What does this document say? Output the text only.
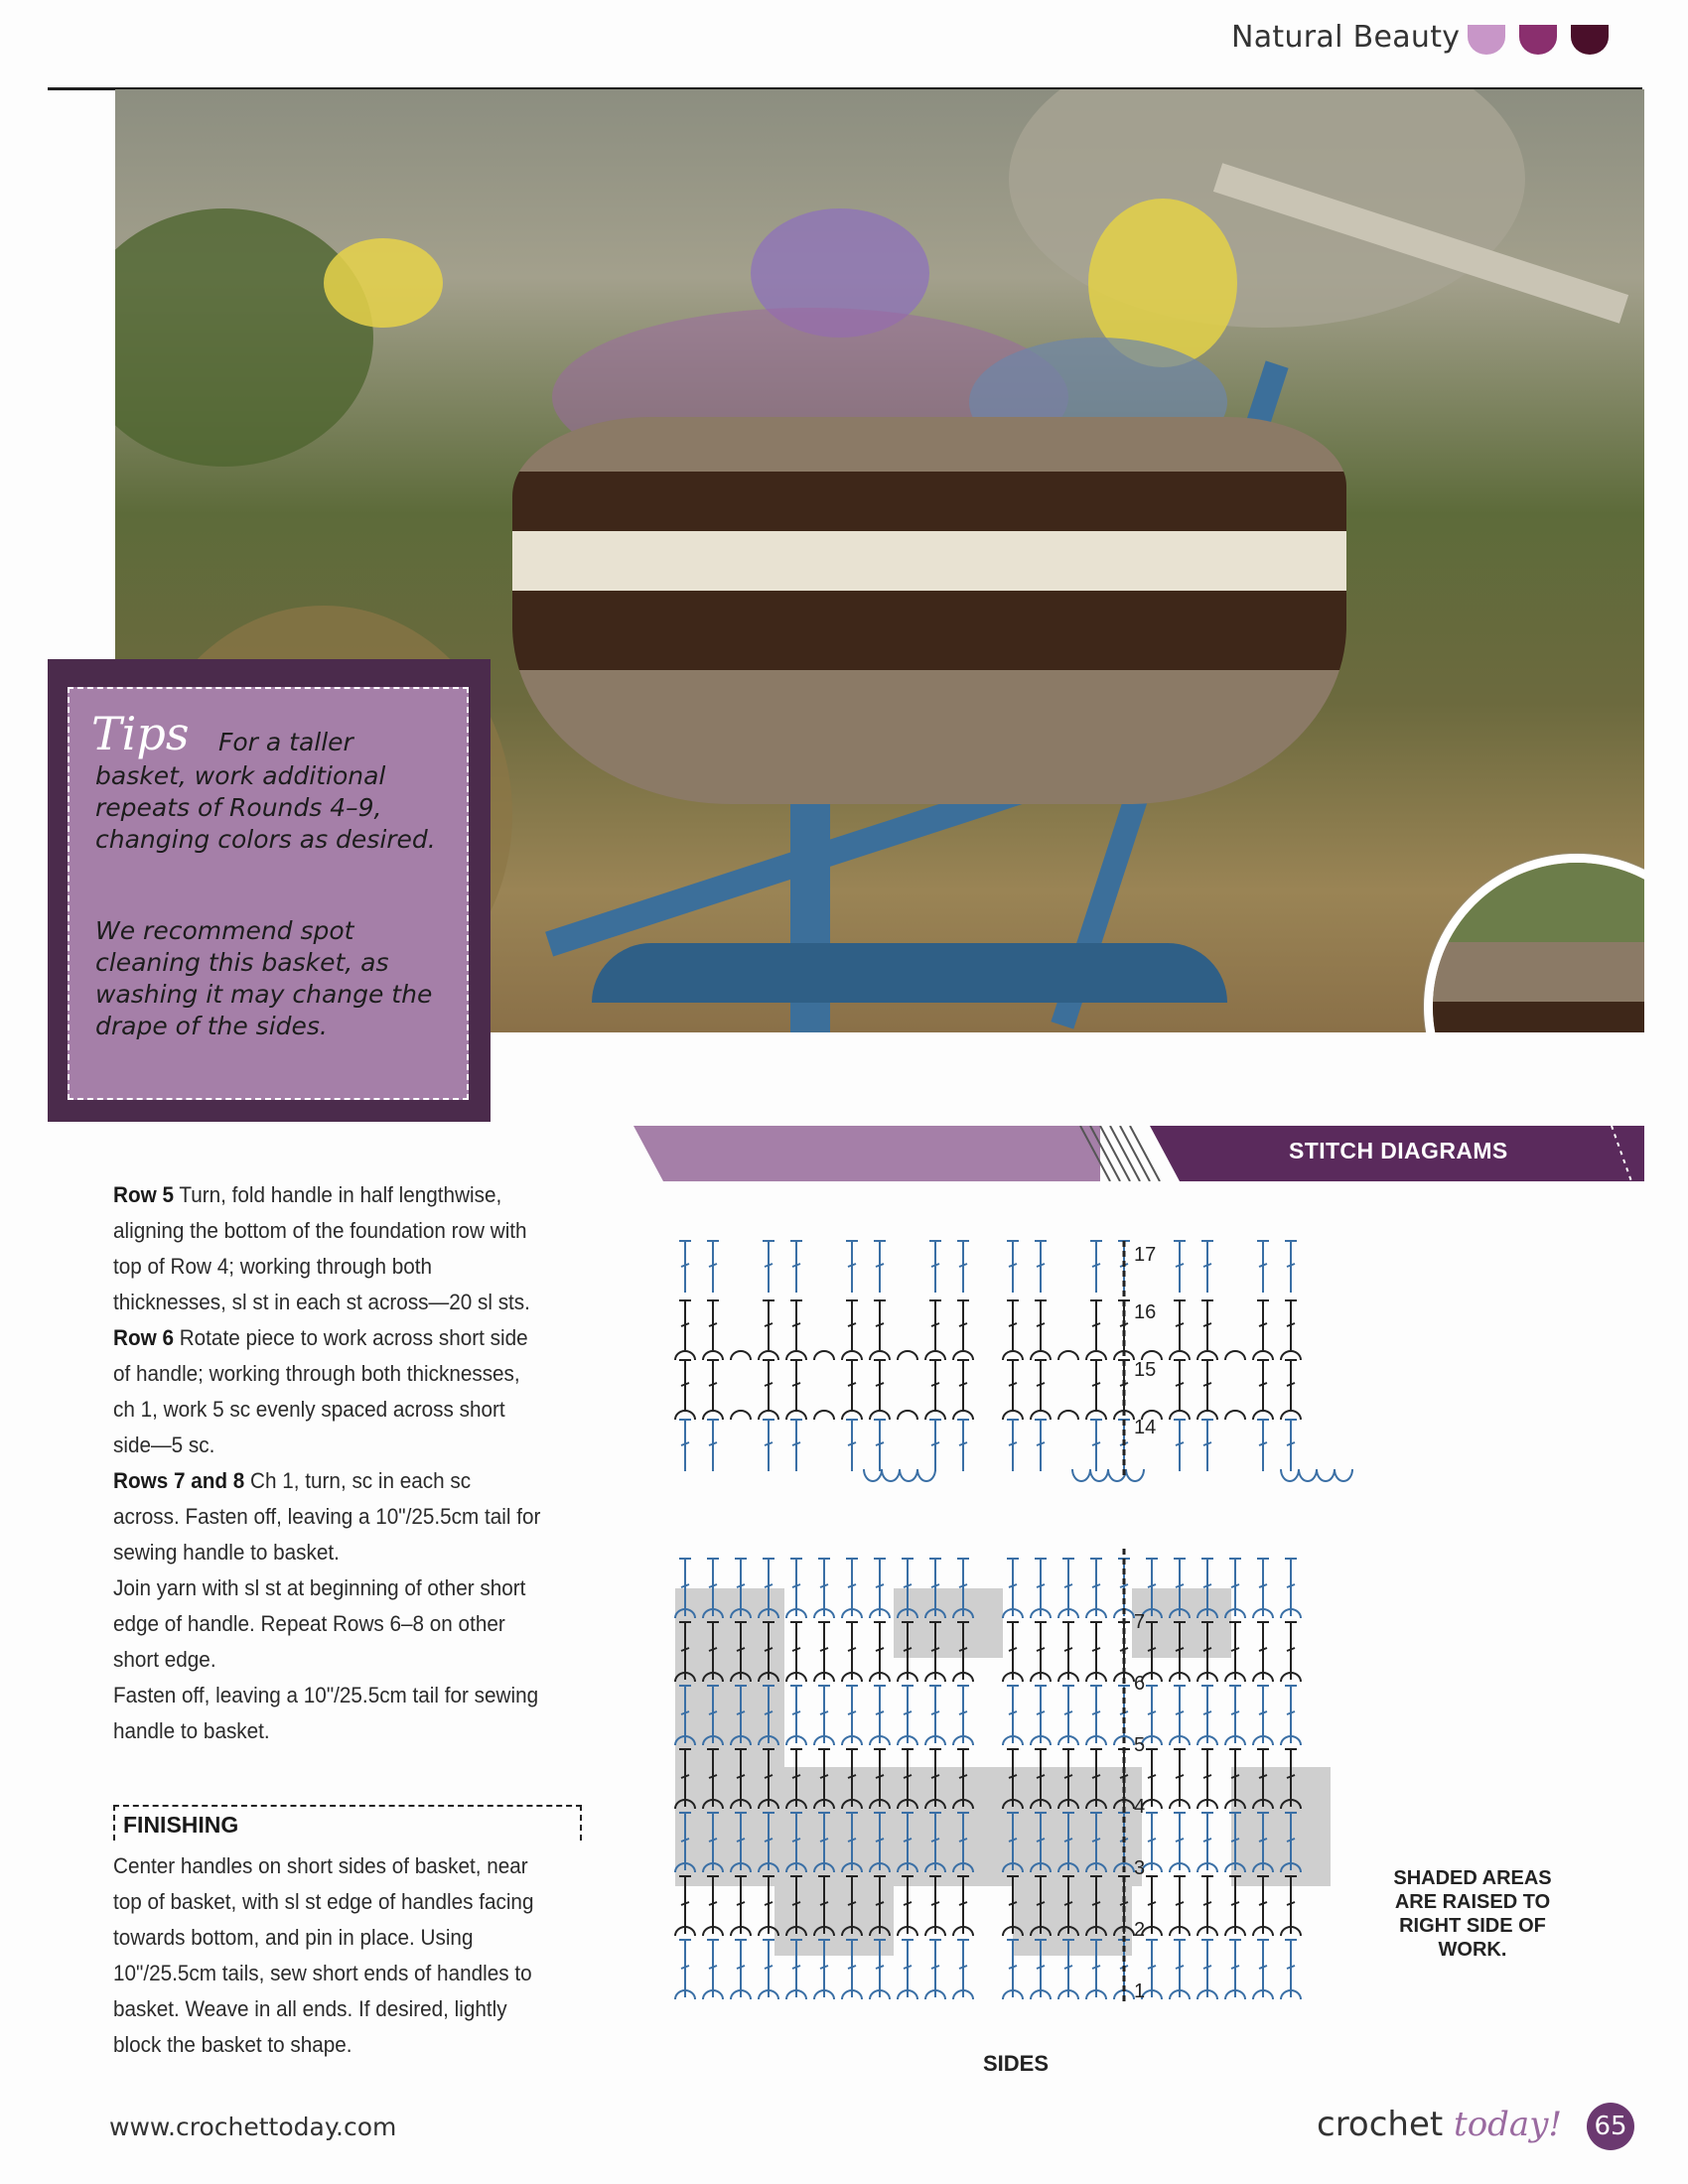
Natural Beauty
Tips For a taller

basket, work additional repeats of Rounds 4–9, changing colors as desired.

We recommend spot cleaning this basket, as washing it may change the drape of the sides.

Row 5 Turn, fold handle in half lengthwise, aligning the bottom of the foundation row with top of Row 4; working through both thicknesses, sl st in each st across—20 sl sts.

Row 6 Rotate piece to work across short side of handle; working through both thicknesses, ch 1, work 5 sc evenly spaced across short side—5 sc.

Rows 7 and 8 Ch 1, turn, sc in each sc across. Fasten off, leaving a 10"/25.5cm tail for sewing handle to basket.

Join yarn with sl st at beginning of other short edge of handle. Repeat Rows 6–8 on other short edge.

Fasten off, leaving a 10"/25.5cm tail for sewing handle to basket.

FINISHING

Center handles on short sides of basket, near top of basket, with sl st edge of handles facing towards bottom, and pin in place. Using 10"/25.5cm tails, sew short ends of handles to basket. Weave in all ends. If desired, lightly block the basket to shape.

STITCH DIAGRAMS
17
16
15
14
7
6
5
4
3
2
1
SHADED AREAS ARE RAISED TO RIGHT SIDE OF WORK.
SIDES
www.crochettoday.com	crochet today! 65
